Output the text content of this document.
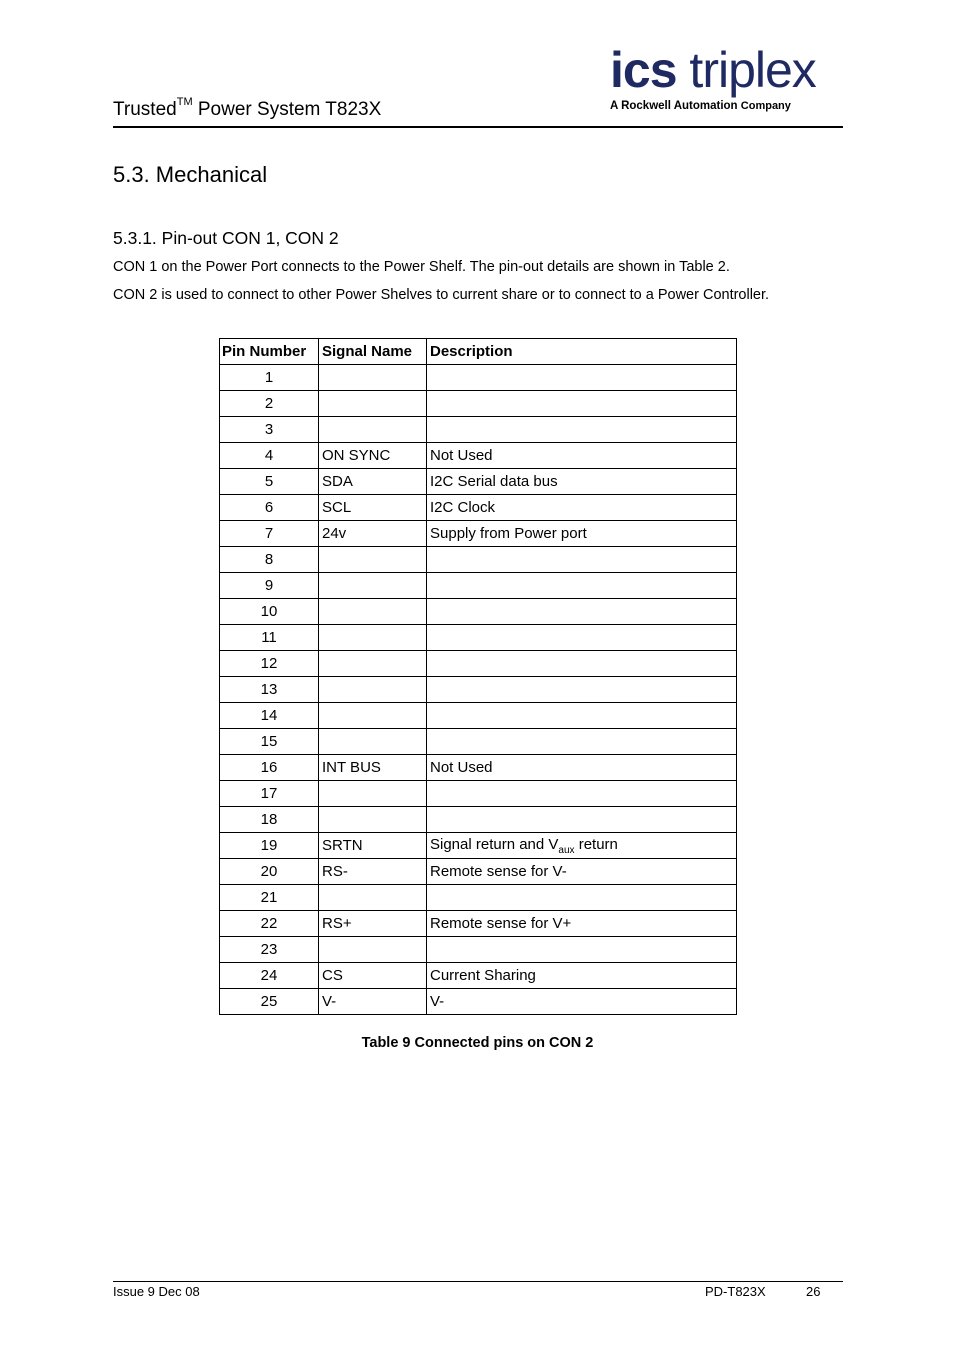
Trusted™ Power System T823X
ics triplex
A Rockwell Automation Company
5.3. Mechanical
5.3.1. Pin-out CON 1, CON 2
CON 1 on the Power Port connects to the Power Shelf. The pin-out details are shown in Table 2.
CON 2 is used to connect to other Power Shelves to current share or to connect to a Power Controller.
Pin Number	Signal Name	Description
1		
2		
3		
4	ON SYNC	Not Used
5	SDA	I2C Serial data bus
6	SCL	I2C Clock
7	24v	Supply from Power port
8		
9		
10		
11		
12		
13		
14		
15		
16	INT BUS	Not Used
17		
18		
19	SRTN	Signal return and $V_{aux}$ return
20	RS-	Remote sense for V-
21		
22	RS+	Remote sense for V+
23		
24	CS	Current Sharing
25	V-	V-
Table 9 Connected pins on CON 2
Issue 9 Dec 08	PD-T823X	26
